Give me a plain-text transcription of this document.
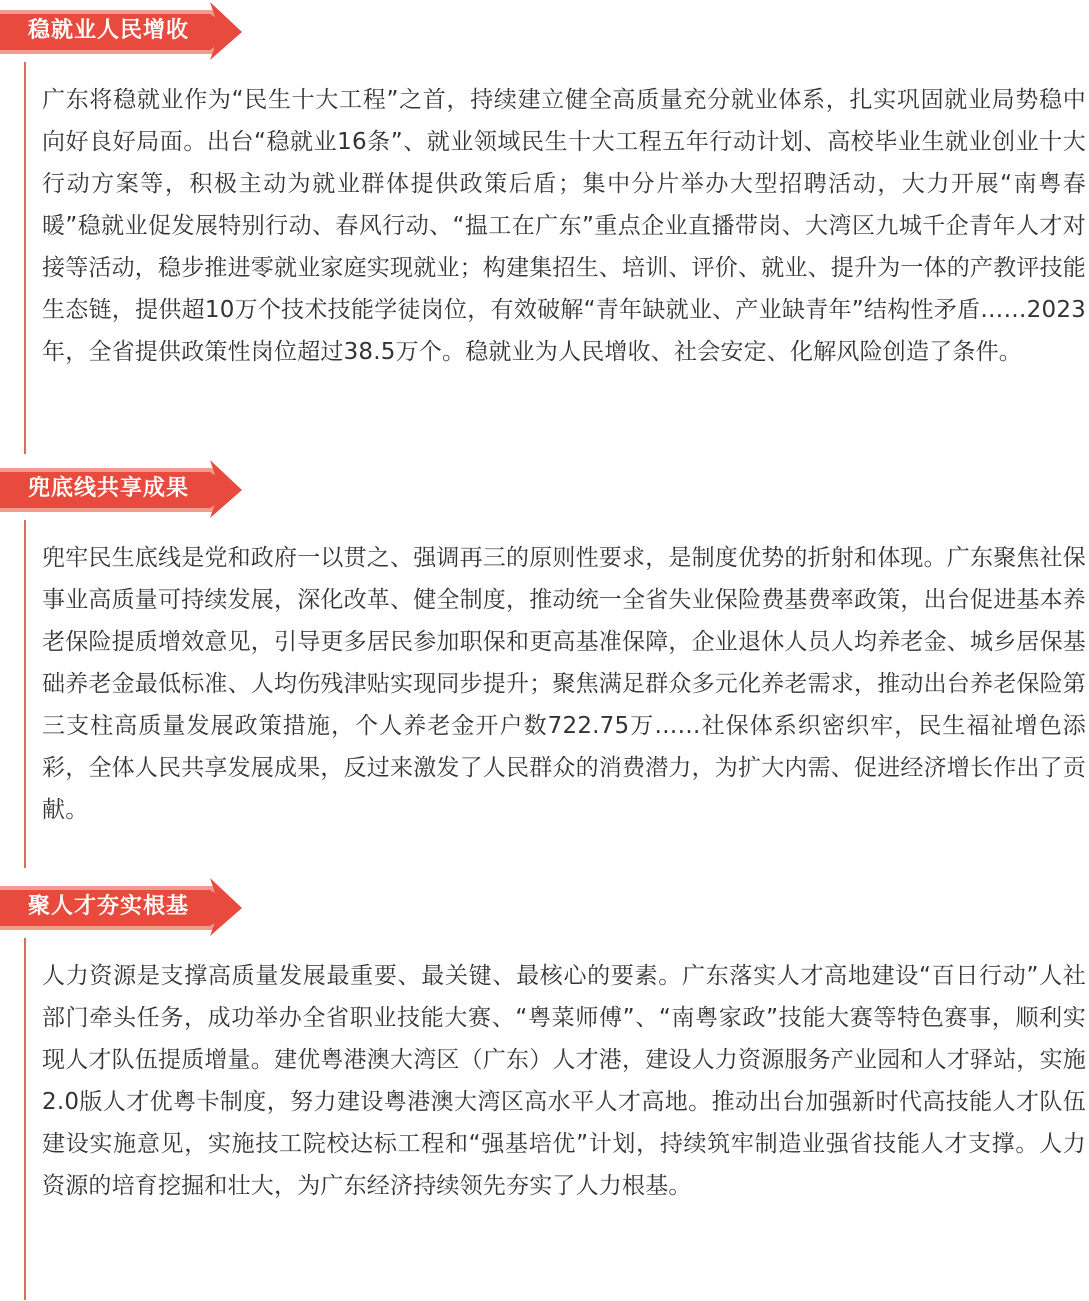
稳就业人民增收

广东将稳就业作为“民生十大工程”之首，持续建立健全高质量充分就业体系，扎实巩固就业局势稳中向好良好局面。出台“稳就业16条”、就业领域民生十大工程五年行动计划、高校毕业生就业创业十大行动方案等，积极主动为就业群体提供政策后盾；集中分片举办大型招聘活动，大力开展“南粤春暖”稳就业促发展特别行动、春风行动、“揾工在广东”重点企业直播带岗、大湾区九城千企青年人才对接等活动，稳步推进零就业家庭实现就业；构建集招生、培训、评价、就业、提升为一体的产教评技能生态链，提供超10万个技术技能学徒岗位，有效破解“青年缺就业、产业缺青年”结构性矛盾……2023年，全省提供政策性岗位超过38.5万个。稳就业为人民增收、社会安定、化解风险创造了条件。

兜底线共享成果

兜牢民生底线是党和政府一以贯之、强调再三的原则性要求，是制度优势的折射和体现。广东聚焦社保事业高质量可持续发展，深化改革、健全制度，推动统一全省失业保险费基费率政策，出台促进基本养老保险提质增效意见，引导更多居民参加职保和更高基准保障，企业退休人员人均养老金、城乡居保基础养老金最低标准、人均伤残津贴实现同步提升；聚焦满足群众多元化养老需求，推动出台养老保险第三支柱高质量发展政策措施，个人养老金开户数722.75万……社保体系织密织牢，民生福祉增色添彩，全体人民共享发展成果，反过来激发了人民群众的消费潜力，为扩大内需、促进经济增长作出了贡献。

聚人才夯实根基

人力资源是支撑高质量发展最重要、最关键、最核心的要素。广东落实人才高地建设“百日行动”人社部门牵头任务，成功举办全省职业技能大赛、“粤菜师傅”、“南粤家政”技能大赛等特色赛事，顺利实现人才队伍提质增量。建优粤港澳大湾区（广东）人才港，建设人力资源服务产业园和人才驿站，实施2.0版人才优粤卡制度，努力建设粤港澳大湾区高水平人才高地。推动出台加强新时代高技能人才队伍建设实施意见，实施技工院校达标工程和“强基培优”计划，持续筑牢制造业强省技能人才支撑。人力资源的培育挖掘和壮大，为广东经济持续领先夯实了人力根基。
